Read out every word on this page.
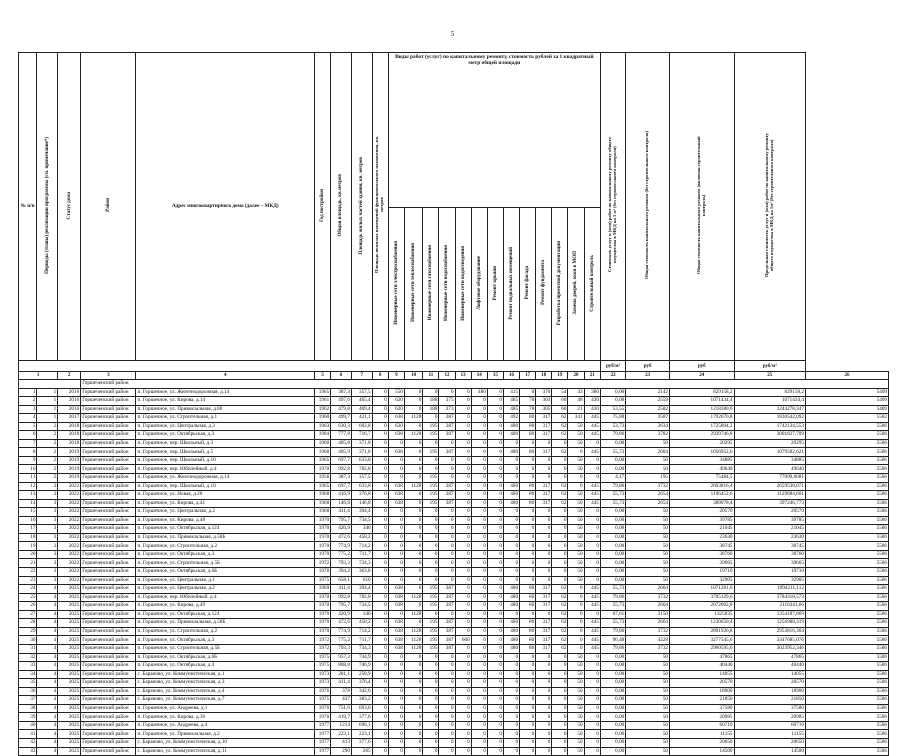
5
№ п/п	Периоды (этапы) реализации программы (см. примечание*)	Статус дома	Район	Адрес многоквартирного дома (далее – МКД)	Год постройки	Общая площадь, кв.метров	Площадь жилых частей здания, кв. метров	Площадь нежилых помещений функционального назначения, кв. метров	Виды работ (услуг) по капитальному ремонту, стоимость рублей за 1 квадратный метр общей площади													Стоимость услуг и (или) работ по капитальному ремонту общего имущества в МКД на 1 м² (без строительного контроля)	Общая стоимость капитального ремонта (без строительного контроля)	Общая стоимость капитального ремонта (включая строительный контроль)	Предельная стоимость услуг и (или) работ по капитальному ремонту общего имущества в МКД на 1м² (без строительного контроля)	
									Инженерные сети электроснабжения	Инженерные сети теплоснабжения	Инженерные сети газоснабжения	Инженерные сети водоснабжения	Инженерные сети водоотведения	Лифтовое оборудование	Ремонт крыши	Ремонт подвальных помещений	Ремонт фасада	Ремонт фундамента	Разработка проектной документации	Замена дверей, окон в МОП	Строительный контроль					
																						руб/м²	руб	руб	руб/м²	
1		2	3	4	5	6	7	8	9	10	11	12	13	14	15	16	17	18	19	20	21	22	23	24	25	26
			Горшеченский район																							
1	1	2016	Горшеченский район	п. Горшечное, ул. Железнодорожная, д.14	1965	387,3	357,5	0	550	0	0	0	0	480	0	415	0	370	54	43	380	0,00	2142	829158,2	829158,2	5409
2	1	2016	Горшеченский район	п. Горшечное, ул. Кирова, д.14	1961	497,6	465,4	0	620	0	188	375	0	0	0	485	78	303	60	48	430	0,00	2559	1071434,4	1071434,4	5409
3	1	2016	Горшеченский район	п. Горшечное, ул. Привокзальная, д.80	1962	479,8	409,4	0	620	0	188	373	0	0	0	485	78	305	60	21	430	53,55	2582	1218380,6	1244278,347	5409
4	1	2017	Горшеченский район	п. Горшечное, ул. Строительная, д.1	1960	499,7	421,1	0	638	1128	0	387	0	0	0	492	80	317	62	341	445	75,88	3587	1792670,8	1830542,092	5582
5	2	2018	Горшеченский район	п. Горшечное, ул. Центральная, д.3	1963	630,3	602,8	0	620	0	195	387	0	0	0	480	80	317	62	50	445	53,73	2634	1725894,2	1742134,553	5586
6	2	2018	Горшеченский район	п. Горшечное, ул. Октябрьская, д.3	1984	777,8	716,7	0	638	1128	195	387	0	0	0	480	80	317	62	50	445	79,86	3782	2939746,8	3001827,709	5586
7	2	2018	Горшеченский район	п. Горшечное, пер. Школьный, д.3	1960	405,8	371,8	0	0	0	0	0	0	0	0	0	0	0	0	50	0	0,00	50	20295	20295	5586
8	2	2019	Горшеченский район	п. Горшечное, пер. Школьный, д.5	1960	405,9	371,8	0	638	0	195	387	0	0	0	480	80	317	62	0	445	55,73	2604	1056952,6	1079582,621	5586
9	2	2019	Горшеченский район	п. Горшечное, пер. Школьный, д.10	1965	697,7	633,8	0	0	0	0	0	0	0	0	0	0	0	0	50	0	0,00	50	34885	34885	5586
10	2	2019	Горшеченский район	п. Горшечное, пер. Юбилейный, д.4	1970	992,8	782,8	0	0	0	0	0	0	0	0	0	0	0	0	50	0	0,00	50	49640	49640	5586
11	2	2019	Горшеченский район	п. Горшечное, ул. Железнодорожная, д.14	1956	387,3	357,5	0	0	0	195	0	0	0	0	0	0	0	0	0	0	4,17	195	75484,5	77099,6681	5586
12	3	2022	Горшеченский район	п. Горшечное, пер. Школьный, д.10	1965	697,7	633,8	0	638	1128	195	387	0	0	0	480	80	317	62	0	445	79,86	3732	2603816,4	2659538,071	5586
13	3	2022	Горшеченский район	п. Горшечное, ул. Новая, д.20	1968	416,9	376,8	0	638	0	195	387	0	0	0	480	80	317	62	50	445	55,73	2654	1106452,6	1129684,601	5586
14	3	2022	Горшеченский район	п. Горшечное, ул. Кирова, д.41	1968	146,8	146,8	0	638	0	195	387	0	0	0	480	80	317	62	50	445	55,73	2654	389078,4	397246,773	5586
15	3	2022	Горшеченский район	п. Горшечное, ул. Центральная, д.2	1968	411,4	394,4	0	0	0	0	0	0	0	0	0	0	0	0	50	0	0,00	50	20570	20570	5586
16	3	2022	Горшеченский район	п. Горшечное, ул. Кирова, д.48	1970	795,7	734,5	0	0	0	0	0	0	0	0	0	0	0	0	50	0	0,00	50	39785	39785	5586
17	3	2022	Горшеченский район	п. Горшечное, ул. Октябрьская, д.124	1970	420,9	340	0	0	0	0	0	0	0	0	0	0	0	0	50	0	0,00	50	21045	21045	5586
18	3	2022	Горшеченский район	п. Горшечное, ул. Привокзальная, д.58Б	1970	472,6	458,2	0	0	0	0	0	0	0	0	0	0	0	0	50	0	0,00	50	23630	23630	5586
19	3	2022	Горшеченский район	п. Горшечное, ул. Строительная, д.2	1970	774,9	714,2	0	0	0	0	0	0	0	0	0	0	0	0	50	0	0,00	50	38745	38745	5586
20	3	2022	Горшеченский район	п. Горшечное, ул. Октябрьская, д.3	1970	775,2	711,7	0	0	0	0	0	0	0	0	0	0	0	0	50	0	0,00	50	38760	38760	5586
21	3	2022	Горшеченский район	п. Горшечное, ул. Строительная, д.5Б	1972	793,3	734,3	0	0	0	0	0	0	0	0	0	0	0	0	50	0	0,00	50	39665	39665	5586
22	3	2022	Горшеченский район	п. Горшечное, ул. Октябрьская, д.6Б	1978	394,2	363,8	0	0	0	0	0	0	0	0	0	0	0	0	50	0	0,00	50	19710	19710	5586
23	3	2022	Горшеченский район	п. Горшечное, ул. Центральная, д.1	1975	658,1	610	0	0	0	0	0	0	0	0	0	0	0	0	50	0	0,00	50	32905	32905	5586
24	4	2025	Горшеченский район	п. Горшечное, ул. Центральная, д.2	1969	411,4	394,4	0	638	0	195	387	0	0	0	480	80	317	62	0	445	55,73	2604	1071281,6	1094211,112	5586
25	4	2025	Горшеченский район	п. Горшечное, пер. Юбилейный, д.4	1970	992,8	782,8	0	638	1128	195	387	0	0	0	480	80	317	62	0	445	79,86	3732	3705129,6	3784318,573	5586
26	4	2025	Горшеченский район	п. Горшечное, ул. Кирова, д.49	1970	795,7	734,5	0	638	0	195	387	0	0	0	480	80	317	62	0	445	55,73	2604	2072002,8	2116343,66	5586
27	4	2025	Горшеченский район	п. Горшечное, ул. Октябрьская, д.124	1970	420,9	340	0	0	1128	0	0	0	0	0	0	0	0	62	0	0	67,61	3150	1325835	1354187,869	5586
28	4	2025	Горшеченский район	п. Горшечное, ул. Привокзальная, д.58Б	1970	472,6	458,2	0	638	0	195	387	0	0	0	480	80	317	62	0	445	55,73	2604	1230650,4	1256988,319	5586
29	4	2025	Горшеченский район	п. Горшечное, ул. Строительная, д.2	1970	774,9	714,2	0	638	1128	195	387	0	0	0	480	80	317	62	0	445	79,86	3732	2891926,8	2953816,304	5586
30	4	2025	Горшеченский район	п. Горшечное, ул. Октябрьская, д.3	1972	775,2	711,7	0	638	1128	195	387	600	0	0	480	80	317	62	0	445	96,48	4228	3277545,6	3347685,076	5586
31	4	2025	Горшеченский район	п. Горшечное, ул. Строительная, д.5Б	1972	793,3	734,3	0	638	1128	195	387	0	0	0	480	80	317	62	0	445	79,86	3732	2960595,6	3023952,346	5586
32	4	2025	Горшеченский район	п. Горшечное, ул. Октябрьская, д.6Б	1975	957,3	744,9	0	0	0	0	0	0	0	0	0	0	0	0	50	0	0,00	50	47865	47865	5586
33	4	2025	Горшеченский район	п. Горшечное, ул. Октябрьская, д.4	1975	808,8	746,9	0	0	0	0	0	0	0	0	0	0	0	0	50	0	0,00	50	40440	40440	5586
34	4	2025	Горшеченский район	с. Бараново, ул. Коммунистическая, д.1	1973	281,1	258,9	0	0	0	0	0	0	0	0	0	0	0	0	50	0	0,00	50	14055	14055	5586
35	4	2025	Горшеченский район	с. Бараново, ул. Коммунистическая, д.3	1973	411,4	376,4	0	0	0	0	0	0	0	0	0	0	0	0	50	0	0,00	50	20570	20570	5586
36	4	2025	Горшеченский район	с. Бараново, ул. Коммунистическая, д.4	1976	378	342,6	0	0	0	0	0	0	0	0	0	0	0	0	50	0	0,00	50	18900	18900	5586
37	4	2025	Горшеченский район	с. Бараново, ул. Коммунистическая, д.7	1975	437	383,2	0	0	0	0	0	0	0	0	0	0	0	0	50	0	0,00	50	21850	21850	5586
38	4	2025	Горшеченский район	п. Горшечное, ул. Андреева, д.1	1976	751,6	693,6	0	0	0	0	0	0	0	0	0	0	0	0	50	0	0,00	50	37580	37580	5586
39	4	2025	Горшеченский район	п. Горшечное, ул. Кирова, д.36	1976	419,7	377,6	0	0	0	0	0	0	0	0	0	0	0	0	50	0	0,00	50	20985	20985	5586
40	4	2025	Горшеченский район	п. Горшечное, ул. Андреева, д.4	1977	1214	698,1	0	0	0	0	0	0	0	0	0	0	0	0	50	0	0,00	50	60710	60710	5586
41	4	2025	Горшеченский район	п. Горшечное, ул. Привокзальная, д.2	1977	223,1	223,1	0	0	0	0	0	0	0	0	0	0	0	0	50	0	0,00	50	11155	11155	5586
42	4	2025	Горшеченский район	с. Бараново, ул. Коммунистическая, д.10	1977	413	377,6	0	0	0	0	0	0	0	0	0	0	0	0	50	0	0,00	50	20650	20650	5586
43	4	2025	Горшеченский район	с. Бараново, ул. Коммунистическая, д.11	1977	290	265	0	0	0	0	0	0	0	0	0	0	0	0	50	0	0,00	50	14500	14500	5586
